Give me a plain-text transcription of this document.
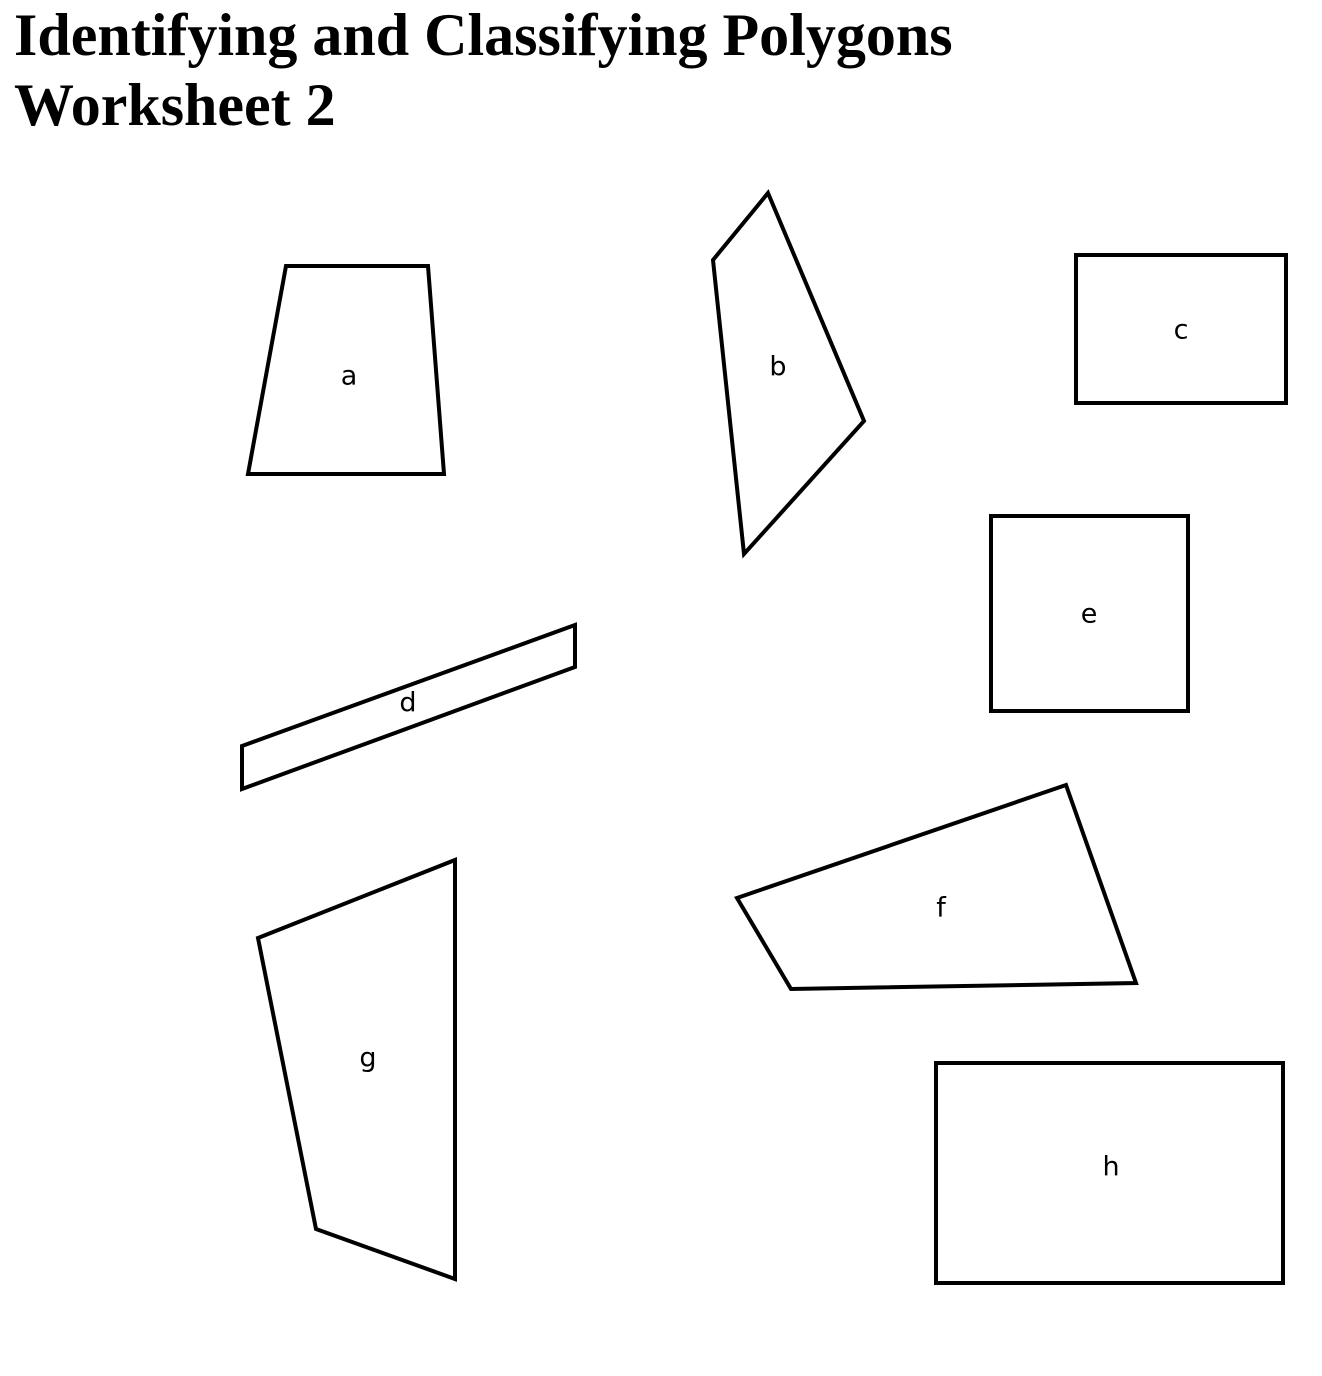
Identifying and Classifying Polygons
Worksheet 2
a	b
c
d
e
f
g
h
